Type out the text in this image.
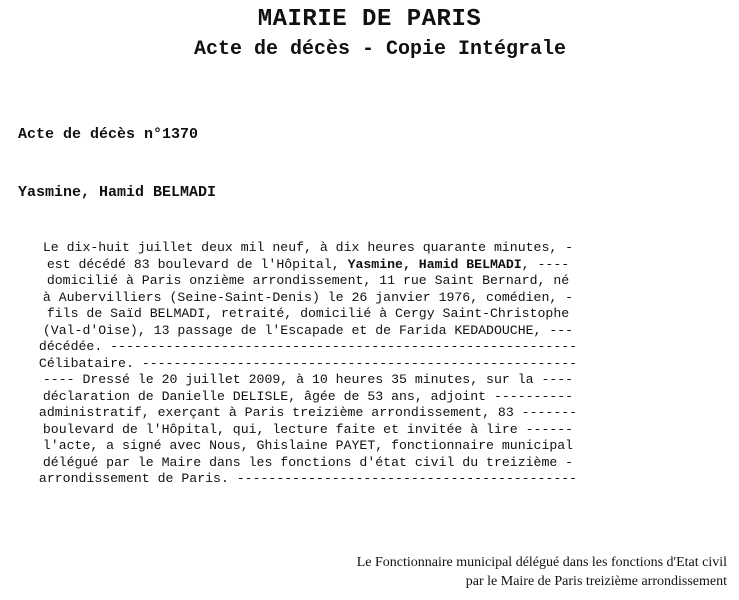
MAIRIE DE PARIS
Acte de décès - Copie Intégrale
Acte de décès n°1370
Yasmine, Hamid BELMADI
Le dix-huit juillet deux mil neuf, à dix heures quarante minutes, -
est décédé 83 boulevard de l'Hôpital, Yasmine, Hamid BELMADI, ----
domicilié à Paris onzième arrondissement, 11 rue Saint Bernard, né
à Aubervilliers (Seine-Saint-Denis) le 26 janvier 1976, comédien, -
fils de Saïd BELMADI, retraité, domicilié à Cergy Saint-Christophe
(Val-d'Oise), 13 passage de l'Escapade et de Farida KEDADOUCHE, ---
décédée. -----------------------------------------------------------
Célibataire. -------------------------------------------------------
---- Dressé le 20 juillet 2009, à 10 heures 35 minutes, sur la ----
déclaration de Danielle DELISLE, âgée de 53 ans, adjoint ----------
administratif, exerçant à Paris treizième arrondissement, 83 -------
boulevard de l'Hôpital, qui, lecture faite et invitée à lire ------
l'acte, a signé avec Nous, Ghislaine PAYET, fonctionnaire municipal
délégué par le Maire dans les fonctions d'état civil du treizième -
arrondissement de Paris. -------------------------------------------
Le Fonctionnaire municipal délégué dans les fonctions d'Etat civil
par le Maire de Paris treizième arrondissement
